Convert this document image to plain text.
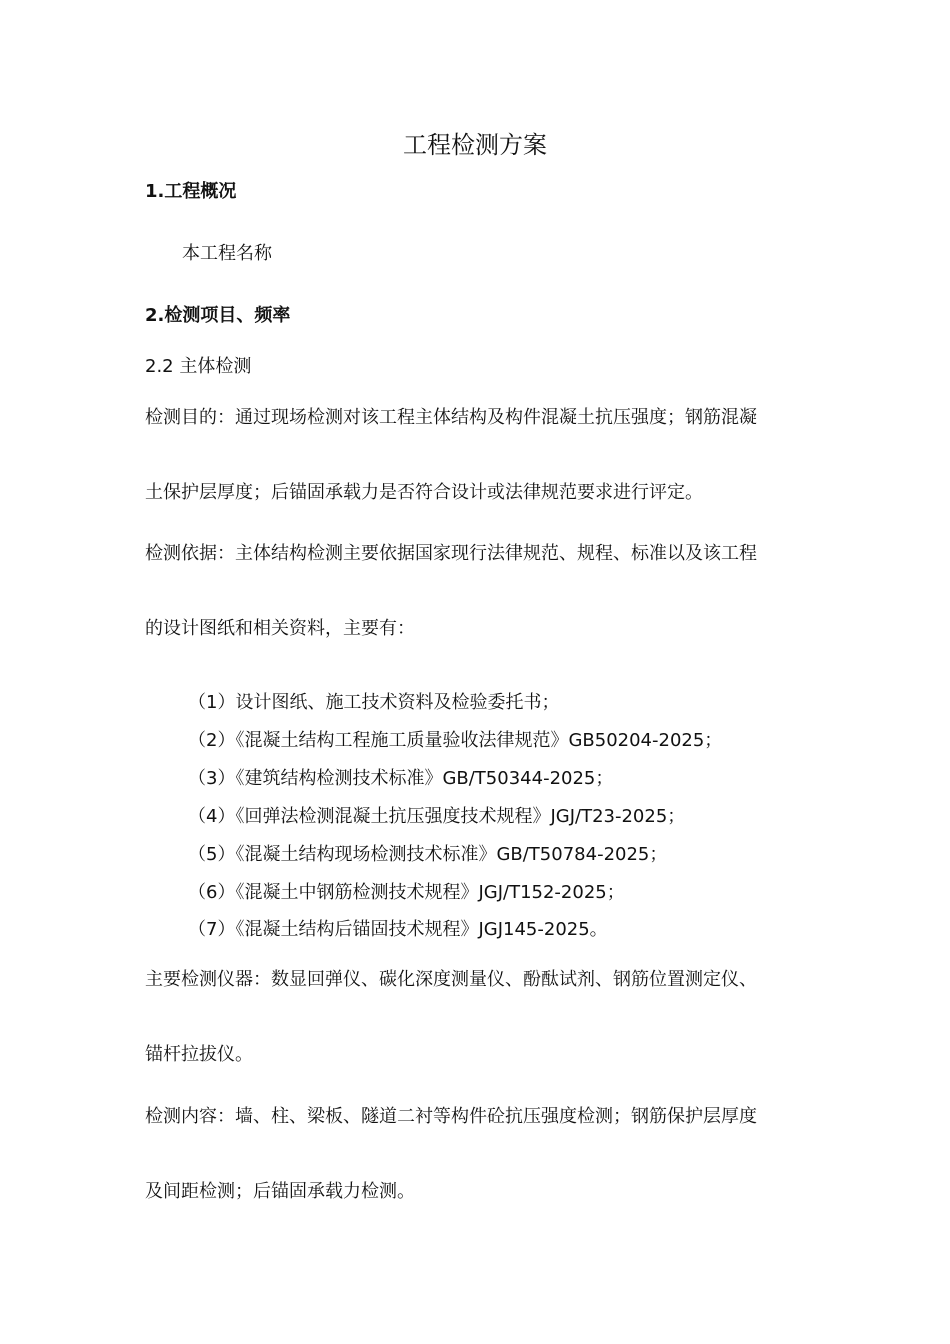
工程检测方案
1.工程概况
本工程名称
2.检测项目、频率
2.2 主体检测
检测目的：通过现场检测对该工程主体结构及构件混凝土抗压强度；钢筋混凝
土保护层厚度；后锚固承载力是否符合设计或法律规范要求进行评定。
检测依据：主体结构检测主要依据国家现行法律规范、规程、标准以及该工程
的设计图纸和相关资料，主要有：
（1）设计图纸、施工技术资料及检验委托书；
（2）《混凝土结构工程施工质量验收法律规范》GB50204-2025；
（3）《建筑结构检测技术标准》GB/T50344-2025；
（4）《回弹法检测混凝土抗压强度技术规程》JGJ/T23-2025；
（5）《混凝土结构现场检测技术标准》GB/T50784-2025；
（6）《混凝土中钢筋检测技术规程》JGJ/T152-2025；
（7）《混凝土结构后锚固技术规程》JGJ145-2025。
主要检测仪器：数显回弹仪、碳化深度测量仪、酚酞试剂、钢筋位置测定仪、
锚杆拉拔仪。
检测内容：墙、柱、梁板、隧道二衬等构件砼抗压强度检测；钢筋保护层厚度
及间距检测；后锚固承载力检测。
